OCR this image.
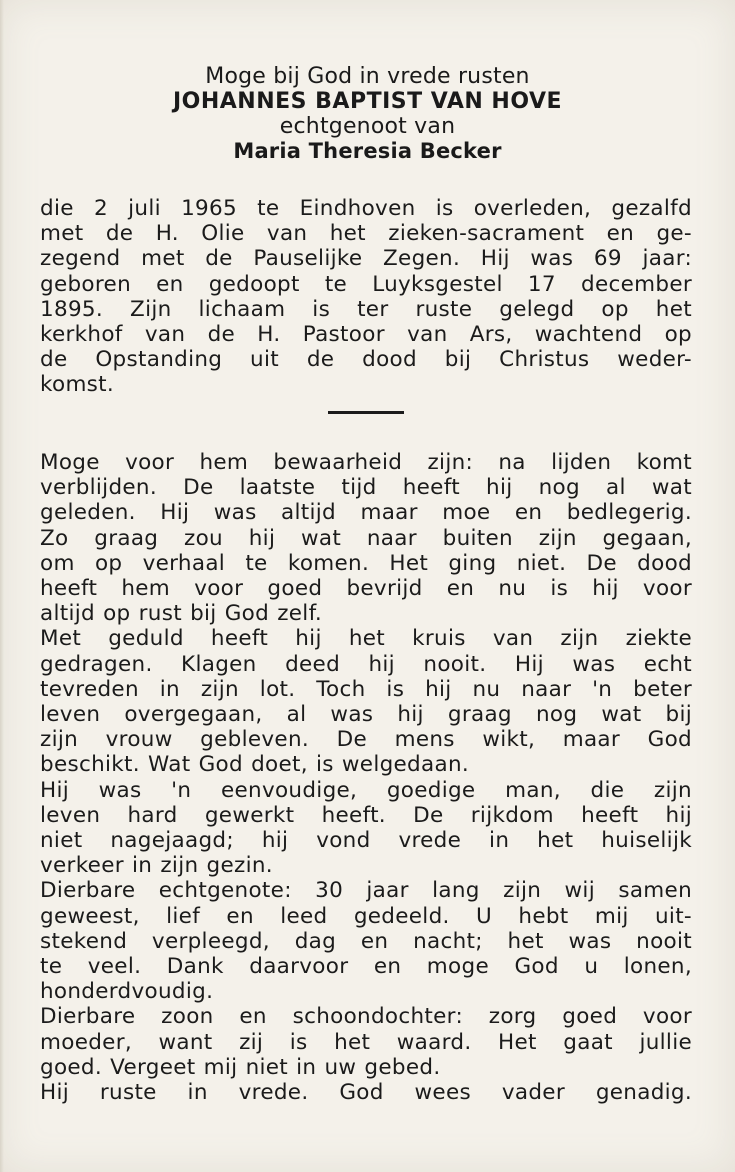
Moge bij God in vrede rusten
JOHANNES BAPTIST VAN HOVE
echtgenoot van
Maria Theresia Becker
die 2 juli 1965 te Eindhoven is overleden, gezalfd
met de H. Olie van het zieken-sacrament en ge-
zegend met de Pauselijke Zegen. Hij was 69 jaar:
geboren en gedoopt te Luyksgestel 17 december
1895. Zijn lichaam is ter ruste gelegd op het
kerkhof van de H. Pastoor van Ars, wachtend op
de Opstanding uit de dood bij Christus weder-
komst.
Moge voor hem bewaarheid zijn: na lijden komt
verblijden. De laatste tijd heeft hij nog al wat
geleden. Hij was altijd maar moe en bedlegerig.
Zo graag zou hij wat naar buiten zijn gegaan,
om op verhaal te komen. Het ging niet. De dood
heeft hem voor goed bevrijd en nu is hij voor
altijd op rust bij God zelf.
Met geduld heeft hij het kruis van zijn ziekte
gedragen. Klagen deed hij nooit. Hij was echt
tevreden in zijn lot. Toch is hij nu naar 'n beter
leven overgegaan, al was hij graag nog wat bij
zijn vrouw gebleven. De mens wikt, maar God
beschikt. Wat God doet, is welgedaan.
Hij was 'n eenvoudige, goedige man, die zijn
leven hard gewerkt heeft. De rijkdom heeft hij
niet nagejaagd; hij vond vrede in het huiselijk
verkeer in zijn gezin.
Dierbare echtgenote: 30 jaar lang zijn wij samen
geweest, lief en leed gedeeld. U hebt mij uit-
stekend verpleegd, dag en nacht; het was nooit
te veel. Dank daarvoor en moge God u lonen,
honderdvoudig.
Dierbare zoon en schoondochter: zorg goed voor
moeder, want zij is het waard. Het gaat jullie
goed. Vergeet mij niet in uw gebed.
Hij ruste in vrede. God wees vader genadig.
